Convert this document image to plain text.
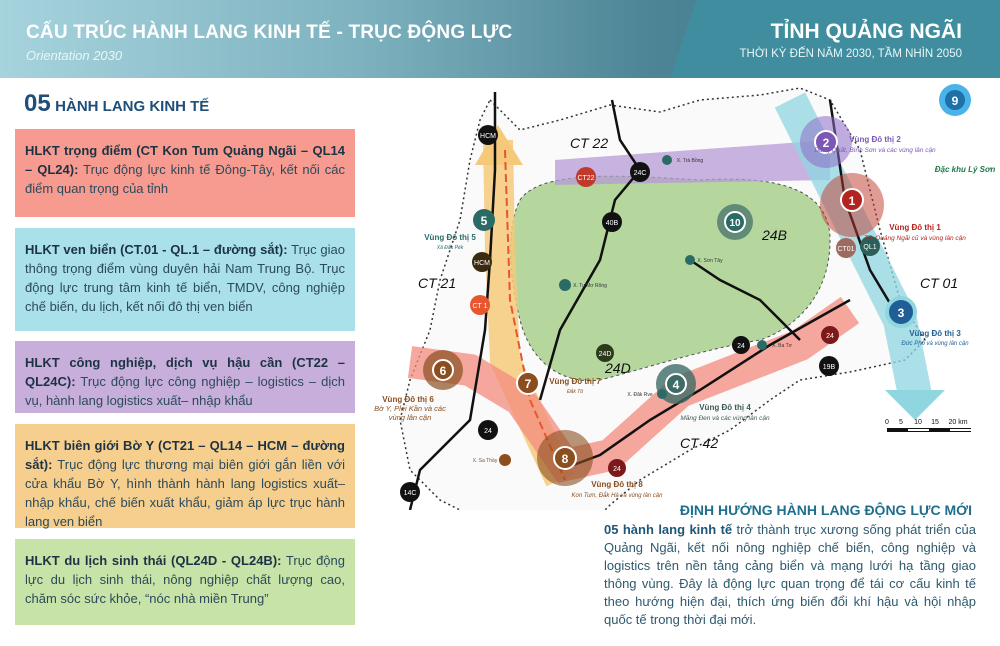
CẤU TRÚC HÀNH LANG KINH TẾ - TRỤC ĐỘNG LỰC
Orientation 2030
TỈNH QUẢNG NGÃI
THỜI KỲ ĐẾN NĂM 2030, TẦM NHÌN 2050
05 HÀNH LANG KINH TẾ
HLKT trọng điểm (CT Kon Tum Quảng Ngãi – QL14 – QL24): Trục động lực kinh tế Đông-Tây, kết nối các điểm quan trọng của tỉnh
HLKT ven biển (CT.01 - QL.1 – đường sắt): Trục giao thông trọng điểm vùng duyên hải Nam Trung Bộ. Trục động lực trung tâm kinh tế biển, TMDV, công nghiệp chế biến, du lịch, kết nối đô thị ven biển
HLKT công nghiệp, dịch vụ hậu cần (CT22 – QL24C): Trục động lực công nghiệp – logistics – dịch vụ, hành lang logistics xuất– nhập khẩu
HLKT biên giới Bờ Y (CT21 – QL14 – HCM – đường sắt): Trục động lực thương mại biên giới gắn liền với cửa khẩu Bờ Y, hình thành hành lang logistics xuất– nhập khẩu, chế biến xuất khẩu, giảm áp lực trục hành lang ven biển
HLKT du lịch sinh thái (QL24D - QL24B): Trục động lực du lịch sinh thái, nông nghiệp chất lượng cao, chăm sóc sức khỏe, “nóc nhà miền Trung”
CT 22
CT 21	CT 01
CT 42
24D
24B
HCM
24C
40B
14C
24
19B
CT22
QL1
CT01
CT 1
HCM
24D
24
24
24
1
2
3
4
5
6
7
8
9
10	Vùng Đô thị 1
TP. Quảng Ngãi cũ và vùng lân cận
Vùng Đô thị 2
Dung Quất, Bình Sơn và các vùng lân cận
Vùng Đô thị 3
Đức Phổ và vùng lân cận
Vùng Đô thị 4
Măng Đen và các vùng lân cận
Vùng Đô thị 5
Xã Đắk Pék
Vùng Đô thị 6
Bờ Y, Plei Kần và các vùng lân cận
Vùng Đô thị 7
Đắk Tô
Vùng Đô thị 8
Kon Tum, Đắk Hà và vùng lân cận
Đặc khu Lý Sơn
X. Sa Thầy
X. Tu Mơ Rông
X. Đăk Rve
X. Ba Tơ
X. Trà Bồng
X. Sơn Tây
0 5 10 15 20 km
ĐỊNH HƯỚNG HÀNH LANG ĐỘNG LỰC MỚI
05 hành lang kinh tế trở thành trục xương sống phát triển của Quảng Ngãi, kết nối nông nghiệp chế biến, công nghiệp và logistics trên nền tảng cảng biển và mạng lưới hạ tầng giao thông vùng. Đây là động lực quan trọng để tái cơ cấu kinh tế theo hướng hiện đại, thích ứng biến đổi khí hậu và hội nhập quốc tế trong thời đại mới.
